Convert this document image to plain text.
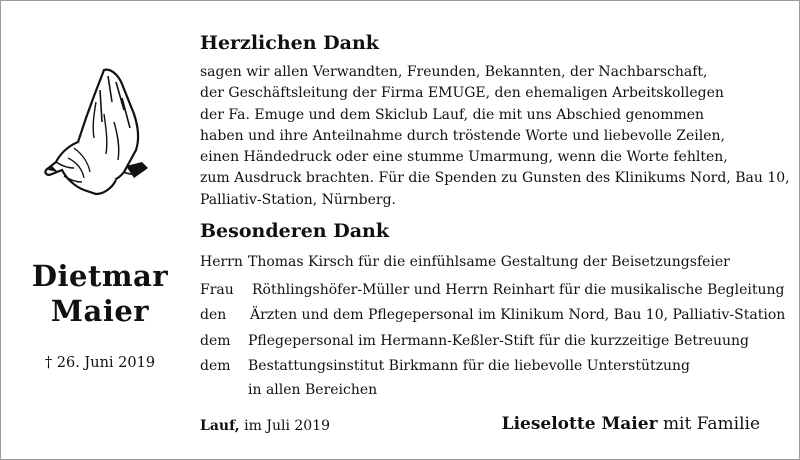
Dietmar
Maier
† 26. Juni 2019
Herzlichen Dank
sagen wir allen Verwandten, Freunden, Bekannten, der Nachbarschaft,
der Geschäftsleitung der Firma EMUGE, den ehemaligen Arbeitskollegen
der Fa. Emuge und dem Skiclub Lauf, die mit uns Abschied genommen
haben und ihre Anteilnahme durch tröstende Worte und liebevolle Zeilen,
einen Händedruck oder eine stumme Umarmung, wenn die Worte fehlten,
zum Ausdruck brachten. Für die Spenden zu Gunsten des Klinikums Nord, Bau 10,
Palliativ-Station, Nürnberg.
Besonderen Dank
Herrn Thomas Kirsch für die einfühlsame Gestaltung der Beisetzungsfeier
Frau Röthlingshöfer-Müller und Herrn Reinhart für die musikalische Begleitung
den Ärzten und dem Pflegepersonal im Klinikum Nord, Bau 10, Palliativ-Station
dem Pflegepersonal im Hermann-Keßler-Stift für die kurzzeitige Betreuung
dem Bestattungsinstitut Birkmann für die liebevolle Unterstützung
in allen Bereichen
Lauf, im Juli 2019	Lieselotte Maier mit Familie
